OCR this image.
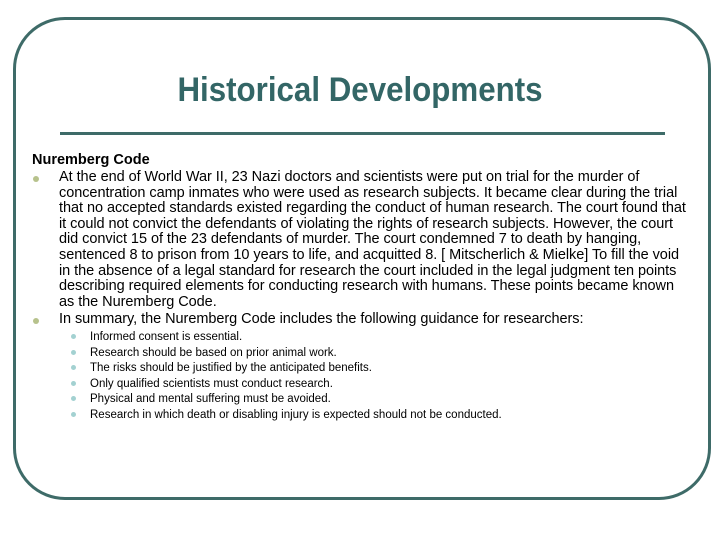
Historical Developments
Nuremberg Code
At the end of World War II, 23 Nazi doctors and scientists were put on trial for the murder of concentration camp inmates who were used as research subjects. It became clear during the trial that no accepted standards existed regarding the conduct of human research. The court found that it could not convict the defendants of violating the rights of research subjects. However, the court did convict 15 of the 23 defendants of murder. The court condemned 7 to death by hanging, sentenced 8 to prison from 10 years to life, and acquitted 8. [ Mitscherlich & Mielke] To fill the void in the absence of a legal standard for research the court included in the legal judgment ten points describing required elements for conducting research with humans. These points became known as the Nuremberg Code.
In summary, the Nuremberg Code includes the following guidance for researchers:
Informed consent is essential.
Research should be based on prior animal work.
The risks should be justified by the anticipated benefits.
Only qualified scientists must conduct research.
Physical and mental suffering must be avoided.
Research in which death or disabling injury is expected should not be conducted.
